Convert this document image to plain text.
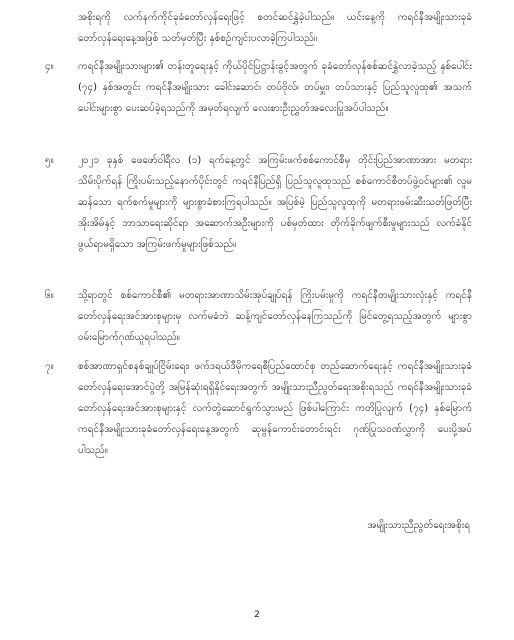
အစိုးရကို လက်နက်ကိုင်ခုခံတော်လှန်ရေးဖြင့် စတင်ဆင်နွှဲခဲ့ပါသည်။ ယင်းနေ့ကို ကရင်နီအမျိုးသားခုခံတော်လှန်ရေးနေ့အဖြစ် သတ်မှတ်ပြီး နှစ်စဉ်ကျင်းပလာခဲ့ကြပါသည်။
၄။	ကရင်နီအမျိုးသားများ၏ တန်းတူရေးနှင့် ကိုယ်ပိုင်ပြဋ္ဌာန်းခွင့်အတွက် ခုခံတော်လှန်စစ်ဆင်နွှဲလာခဲ့သည့် နှစ်ပေါင်း (၇၄) နှစ်အတွင်း ကရင်နီအမျိုးသား ခေါင်းဆောင်၊ တပ်ဗိုလ်၊ တပ်မှူး၊ တပ်သားနှင့် ပြည်သူလူထု၏ အသက်ပေါင်းများစွာ ပေးဆပ်ခဲ့ရသည်ကို အမှတ်ရလျက် လေးစားဦးညွှတ်အလေးပြုအပ်ပါသည်။
၅။	၂၀၂၁ ခုနှစ် ဖေဖော်ဝါရီလ (၁) ရက်နေ့တွင် အကြမ်းဖက်စစ်ကောင်စီမှ တိုင်းပြည်အာဏာအား မတရားသိမ်းပိုက်ရန် ကြိုးပမ်းသည့်နောက်ပိုင်းတွင် ကရင်နီပြည်ရှိ ပြည်သူလူထုသည် စစ်ကောင်စီတပ်ဖွဲ့ဝင်များ၏ လူမဆန်သော ရက်စက်မှုများကို များစွာခံစားကြရပါသည်။ အပြစ်မဲ့ ပြည်သူလူထုကို မတရားဖမ်းဆီးသတ်ဖြတ်ပြီး အိုးအိမ်နှင့် ဘာသာရေးဆိုင်ရာ အဆောက်အဦးများကို ပစ်မှတ်ထား တိုက်ခိုက်ဖျက်စီးမှုများသည် လက်ခံနိုင်ဖွယ်ရာမရှိသော အကြမ်းဖက်မှုများဖြစ်သည်။
၆။	သို့ရာတွင် စစ်ကောင်စီ၏ မတရားအာဏာသိမ်းအုပ်ချုပ်ရန် ကြိုးပမ်းမှုကို ကရင်နီတမျိုးသားလုံးနှင့် ကရင်နီတော်လှန်ရေးအင်အားစုများမှ လက်မခံဘဲ ဆန့်ကျင်တော်လှန်နေကြသည်ကို မြင်တွေ့ရသည့်အတွက် များစွာဝမ်းမြောက်ဂုဏ်ယူရပါသည်။
၇။	စစ်အာဏာရှင်စနစ်ချုပ်ငြိမ်းရေး၊ ဖက်ဒရယ်ဒီမိုကရေစီပြည်ထောင်စု တည်ဆောက်ရေးနှင့် ကရင်နီအမျိုးသားခုခံတော်လှန်ရေးအောင်ပွဲတို့ အမြန်ဆုံးရရှိနိုင်ရေးအတွက် အမျိုးသားညီညွတ်ရေးအစိုးရသည် ကရင်နီအမျိုးသားခုခံတော်လှန်ရေးအင်အားစုများနှင့် လက်တွဲဆောင်ရွက်သွားမည် ဖြစ်ပါကြောင်း ကတိပြုလျက် (၇၄) နှစ်မြောက် ကရင်နီအမျိုးသားခုခံတော်လှန်ရေးနေ့အတွက် ဆုမွန်ကောင်းတောင်းရင်း ဂုဏ်ပြုသဝဏ်လွှာကို ပေးပို့အပ်ပါသည်။
အမျိုးသားညီညွတ်ရေးအစိုးရ
2
